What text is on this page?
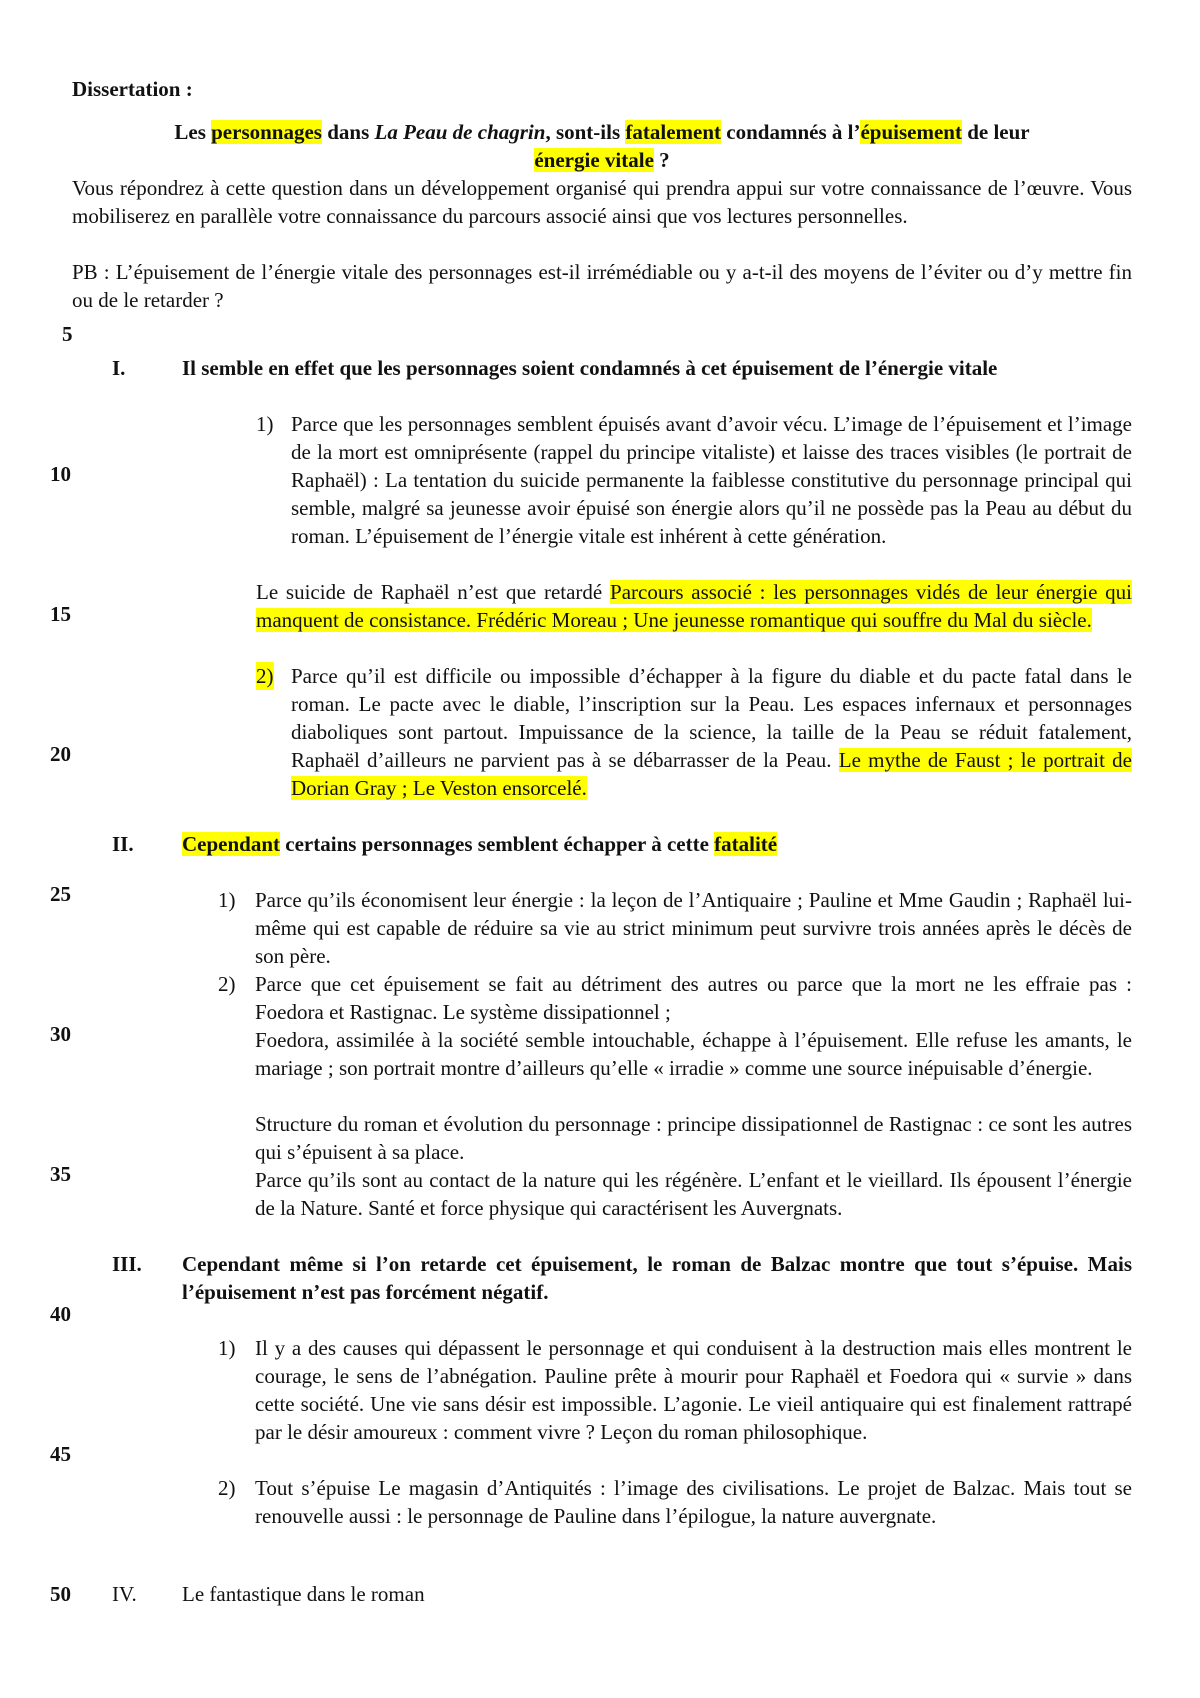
Dissertation :
Les personnages dans La Peau de chagrin, sont-ils fatalement condamnés à l’épuisement de leur
énergie vitale ?
Vous répondrez à cette question dans un développement organisé qui prendra appui sur votre connaissance de l’œuvre. Vous mobiliserez en parallèle votre connaissance du parcours associé ainsi que vos lectures personnelles.
PB : L’épuisement de l’énergie vitale des personnages est-il irrémédiable ou y a-t-il des moyens de l’éviter ou d’y mettre fin ou de le retarder ?
5
10
15
20
25
30
35
40
45
50
I.	Il semble en effet que les personnages soient condamnés à cet épuisement de l’énergie vitale
1) Parce que les personnages semblent épuisés avant d’avoir vécu. L’image de l’épuisement et l’image de la mort est omniprésente (rappel du principe vitaliste) et laisse des traces visibles (le portrait de Raphaël) : La tentation du suicide permanente la faiblesse constitutive du personnage principal qui semble, malgré sa jeunesse avoir épuisé son énergie alors qu’il ne possède pas la Peau au début du roman. L’épuisement de l’énergie vitale est inhérent à cette génération.
Le suicide de Raphaël n’est que retardé Parcours associé : les personnages vidés de leur énergie qui manquent de consistance. Frédéric Moreau ; Une jeunesse romantique qui souffre du Mal du siècle.
2) Parce qu’il est difficile ou impossible d’échapper à la figure du diable et du pacte fatal dans le roman. Le pacte avec le diable, l’inscription sur la Peau. Les espaces infernaux et personnages diaboliques sont partout. Impuissance de la science, la taille de la Peau se réduit fatalement, Raphaël d’ailleurs ne parvient pas à se débarrasser de la Peau. Le mythe de Faust ; le portrait de Dorian Gray ; Le Veston ensorcelé.
II. Cependant certains personnages semblent échapper à cette fatalité
1) Parce qu’ils économisent leur énergie : la leçon de l’Antiquaire ; Pauline et Mme Gaudin ; Raphaël lui-même qui est capable de réduire sa vie au strict minimum peut survivre trois années après le décès de son père.
2) Parce que cet épuisement se fait au détriment des autres ou parce que la mort ne les effraie pas : Foedora et Rastignac. Le système dissipationnel ;
Foedora, assimilée à la société semble intouchable, échappe à l’épuisement. Elle refuse les amants, le mariage ; son portrait montre d’ailleurs qu’elle « irradie » comme une source inépuisable d’énergie.
Structure du roman et évolution du personnage : principe dissipationnel de Rastignac : ce sont les autres qui s’épuisent à sa place.
Parce qu’ils sont au contact de la nature qui les régénère. L’enfant et le vieillard. Ils épousent l’énergie de la Nature. Santé et force physique qui caractérisent les Auvergnats.
III. Cependant même si l’on retarde cet épuisement, le roman de Balzac montre que tout s’épuise. Mais l’épuisement n’est pas forcément négatif.
1) Il y a des causes qui dépassent le personnage et qui conduisent à la destruction mais elles montrent le courage, le sens de l’abnégation. Pauline prête à mourir pour Raphaël et Foedora qui « survie » dans cette société. Une vie sans désir est impossible. L’agonie. Le vieil antiquaire qui est finalement rattrapé par le désir amoureux : comment vivre ? Leçon du roman philosophique.
2) Tout s’épuise Le magasin d’Antiquités : l’image des civilisations. Le projet de Balzac. Mais tout se renouvelle aussi : le personnage de Pauline dans l’épilogue, la nature auvergnate.
IV. Le fantastique dans le roman
